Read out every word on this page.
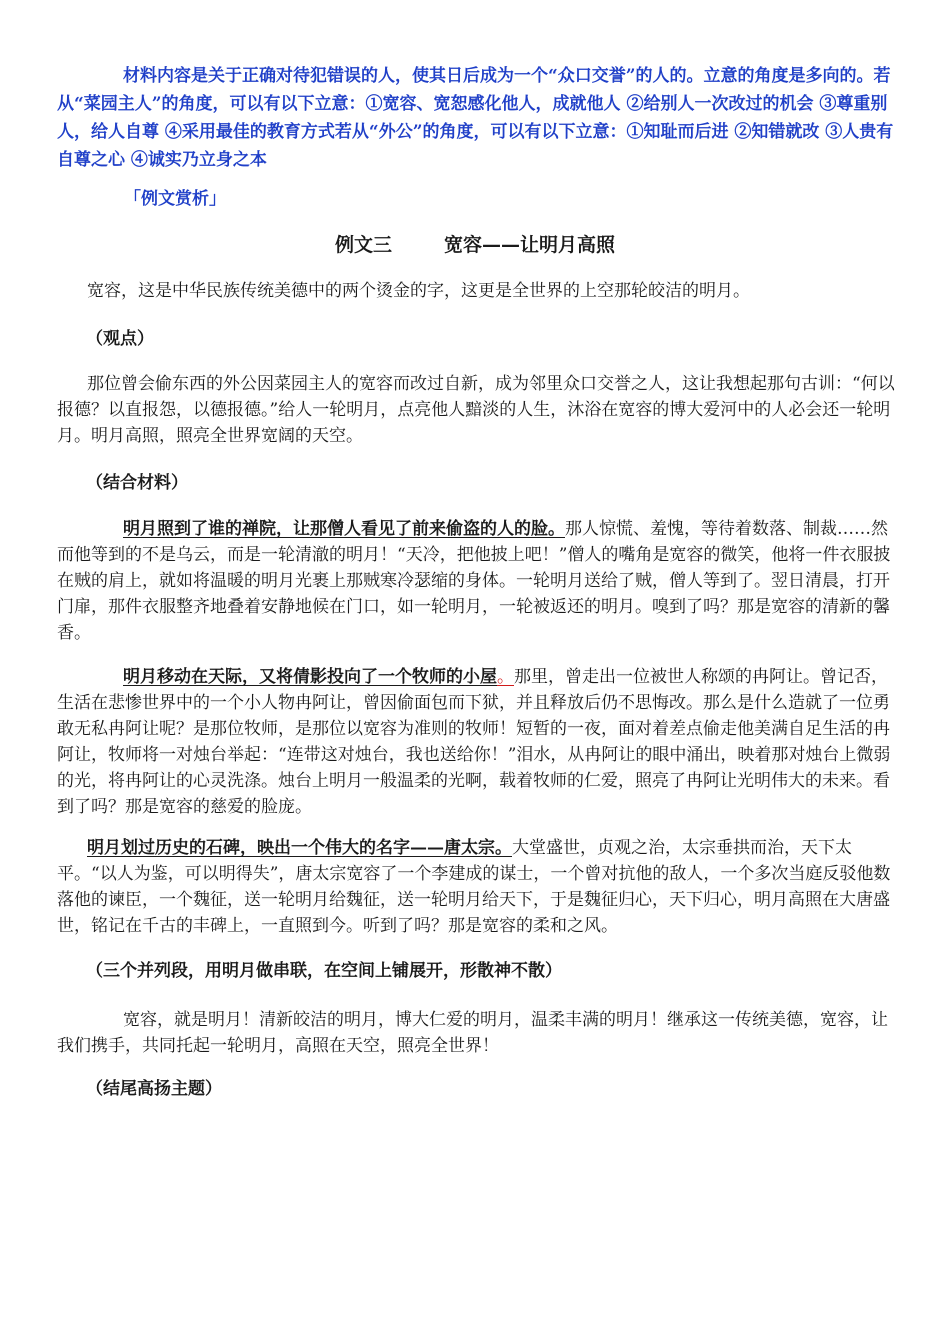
材料内容是关于正确对待犯错误的人，使其日后成为一个“众口交誉”的人的。立意的角度是多向的。若从“菜园主人”的角度，可以有以下立意：①宽容、宽恕感化他人，成就他人 ②给别人一次改过的机会 ③尊重别人，给人自尊 ④采用最佳的教育方式若从“外公”的角度，可以有以下立意：①知耻而后进 ②知错就改 ③人贵有自尊之心 ④诚实乃立身之本

「例文赏析」

例文三	宽容——让明月高照

宽容，这是中华民族传统美德中的两个烫金的字，这更是全世界的上空那轮皎洁的明月。

（观点）

那位曾会偷东西的外公因菜园主人的宽容而改过自新，成为邻里众口交誉之人，这让我想起那句古训：“何以报德？以直报怨，以德报德。”给人一轮明月，点亮他人黯淡的人生，沐浴在宽容的博大爱河中的人必会还一轮明月。明月高照，照亮全世界宽阔的天空。

（结合材料）

明月照到了谁的禅院，让那僧人看见了前来偷盗的人的脸。那人惊慌、羞愧，等待着数落、制裁……然而他等到的不是乌云，而是一轮清澈的明月！“天冷，把他披上吧！”僧人的嘴角是宽容的微笑，他将一件衣服披在贼的肩上，就如将温暖的明月光裹上那贼寒冷瑟缩的身体。一轮明月送给了贼，僧人等到了。翌日清晨，打开门扉，那件衣服整齐地叠着安静地候在门口，如一轮明月，一轮被返还的明月。嗅到了吗？那是宽容的清新的馨香。

明月移动在天际，又将倩影投向了一个牧师的小屋。那里，曾走出一位被世人称颂的冉阿让。曾记否，生活在悲惨世界中的一个小人物冉阿让，曾因偷面包而下狱，并且释放后仍不思悔改。那么是什么造就了一位勇敢无私冉阿让呢？是那位牧师，是那位以宽容为准则的牧师！短暂的一夜，面对着差点偷走他美满自足生活的冉阿让，牧师将一对烛台举起：“连带这对烛台，我也送给你！”泪水，从冉阿让的眼中涌出，映着那对烛台上微弱的光，将冉阿让的心灵洗涤。烛台上明月一般温柔的光啊，载着牧师的仁爱，照亮了冉阿让光明伟大的未来。看到了吗？那是宽容的慈爱的脸庞。

明月划过历史的石碑，映出一个伟大的名字——唐太宗。大堂盛世，贞观之治，太宗垂拱而治，天下太平。“以人为鉴，可以明得失”，唐太宗宽容了一个李建成的谋士，一个曾对抗他的敌人，一个多次当庭反驳他数落他的谏臣，一个魏征，送一轮明月给魏征，送一轮明月给天下，于是魏征归心，天下归心，明月高照在大唐盛世，铭记在千古的丰碑上，一直照到今。听到了吗？那是宽容的柔和之风。

（三个并列段，用明月做串联，在空间上铺展开，形散神不散）

宽容，就是明月！清新皎洁的明月，博大仁爱的明月，温柔丰满的明月！继承这一传统美德，宽容，让我们携手，共同托起一轮明月，高照在天空，照亮全世界！

（结尾高扬主题）
